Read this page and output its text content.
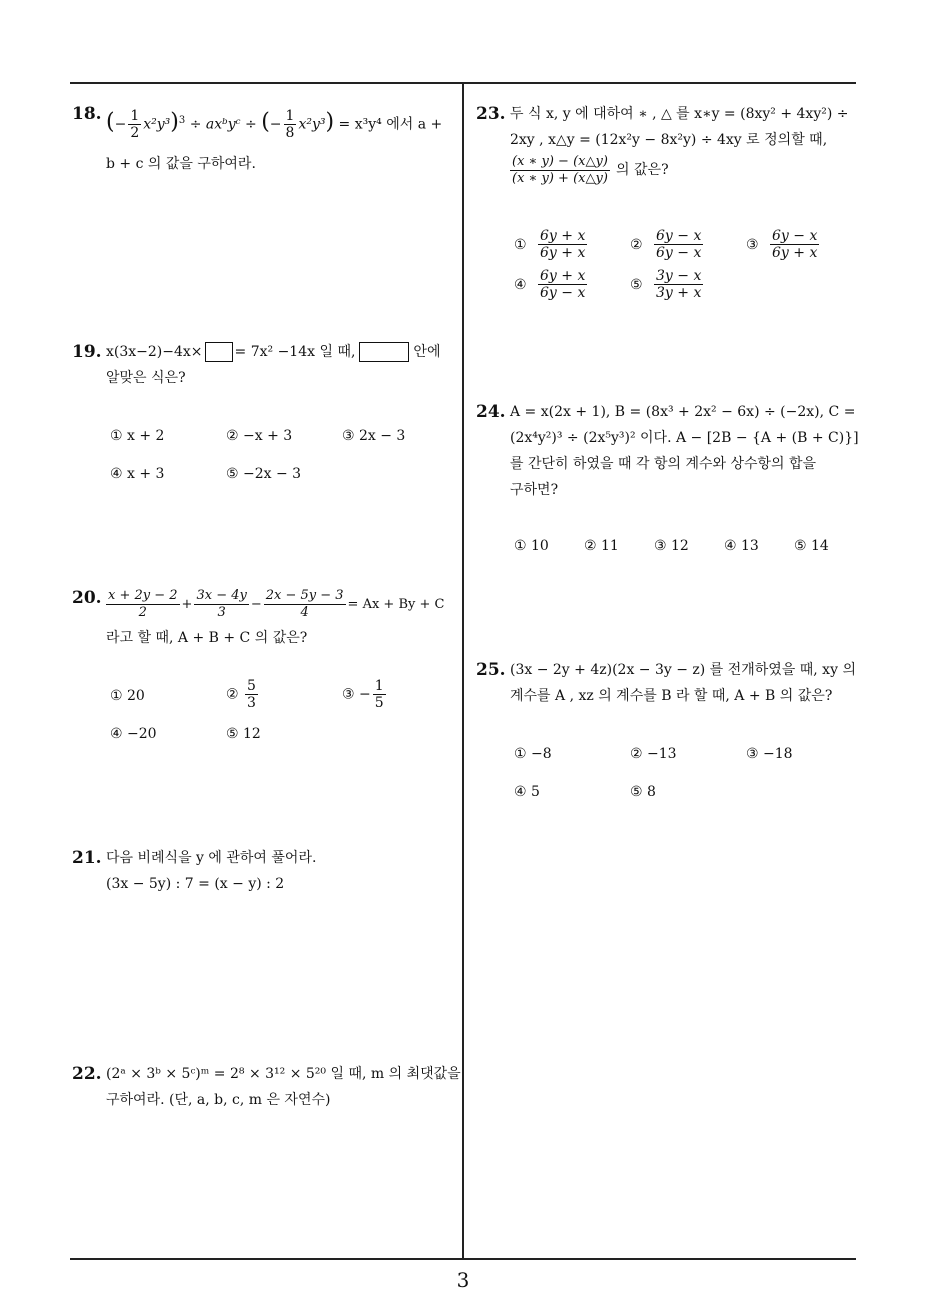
18. (− $\frac{1}{2} x^2y^3)^3$ ÷ axᵇyᶜ ÷ (− $\frac{1}{8} x^2y^3) = x^3y^4$ 에서 a +
b + c 의 값을 구하여라.
19. x(3x−2)−4x× = 7x² −14x 일 때,	안에
알맞은 식은?
① x + 2	② −x + 3	③ 2x − 3
④ x + 3	⑤ −2x − 3
20. $\frac{x + 2y - 2}{2} + \frac{3x - 4y}{3} - \frac{2x - 5y - 3}{4} = Ax + By + C$
라고 할 때, A + B + C 의 값은?
① 20	② $\frac{5}{3}$	③ − $\frac{1}{5}$
④ −20	⑤ 12
21. 다음 비례식을 y 에 관하여 풀어라.
(3x − 5y) : 7 = (x − y) : 2
22. (2ᵃ × 3ᵇ × 5ᶜ)ᵐ = 2⁸ × 3¹² × 5²⁰ 일 때, m 의 최댓값을
구하여라. (단, a, b, c, m 은 자연수)
23. 두 식 x, y 에 대하여 ∗ , △ 를 x∗y = (8xy² + 4xy²) ÷
2xy , x△y = (12x²y − 8x²y) ÷ 4xy 로 정의할 때,
$\frac{(x ∗ y) - (x\triangle y)}{(x ∗ y) + (x\triangle y)}$ 의 값은?
① $\frac{6y + x}{6y + x}$	② $\frac{6y - x}{6y - x}$	③ $\frac{6y - x}{6y + x}$
④ $\frac{6y + x}{6y - x}$	⑤ $\frac{3y - x}{3y + x}$
24. A = x(2x + 1), B = (8x³ + 2x² − 6x) ÷ (−2x), C =
(2x⁴y²)³ ÷ (2x⁵y³)² 이다. A − [2B − {A + (B + C)}]
를 간단히 하였을 때 각 항의 계수와 상수항의 합을
구하면?
① 10	② 11	③ 12	④ 13	⑤ 14
25. (3x − 2y + 4z)(2x − 3y − z) 를 전개하였을 때, xy 의
계수를 A , xz 의 계수를 B 라 할 때, A + B 의 값은?
① −8	② −13	③ −18
④ 5	⑤ 8
3
